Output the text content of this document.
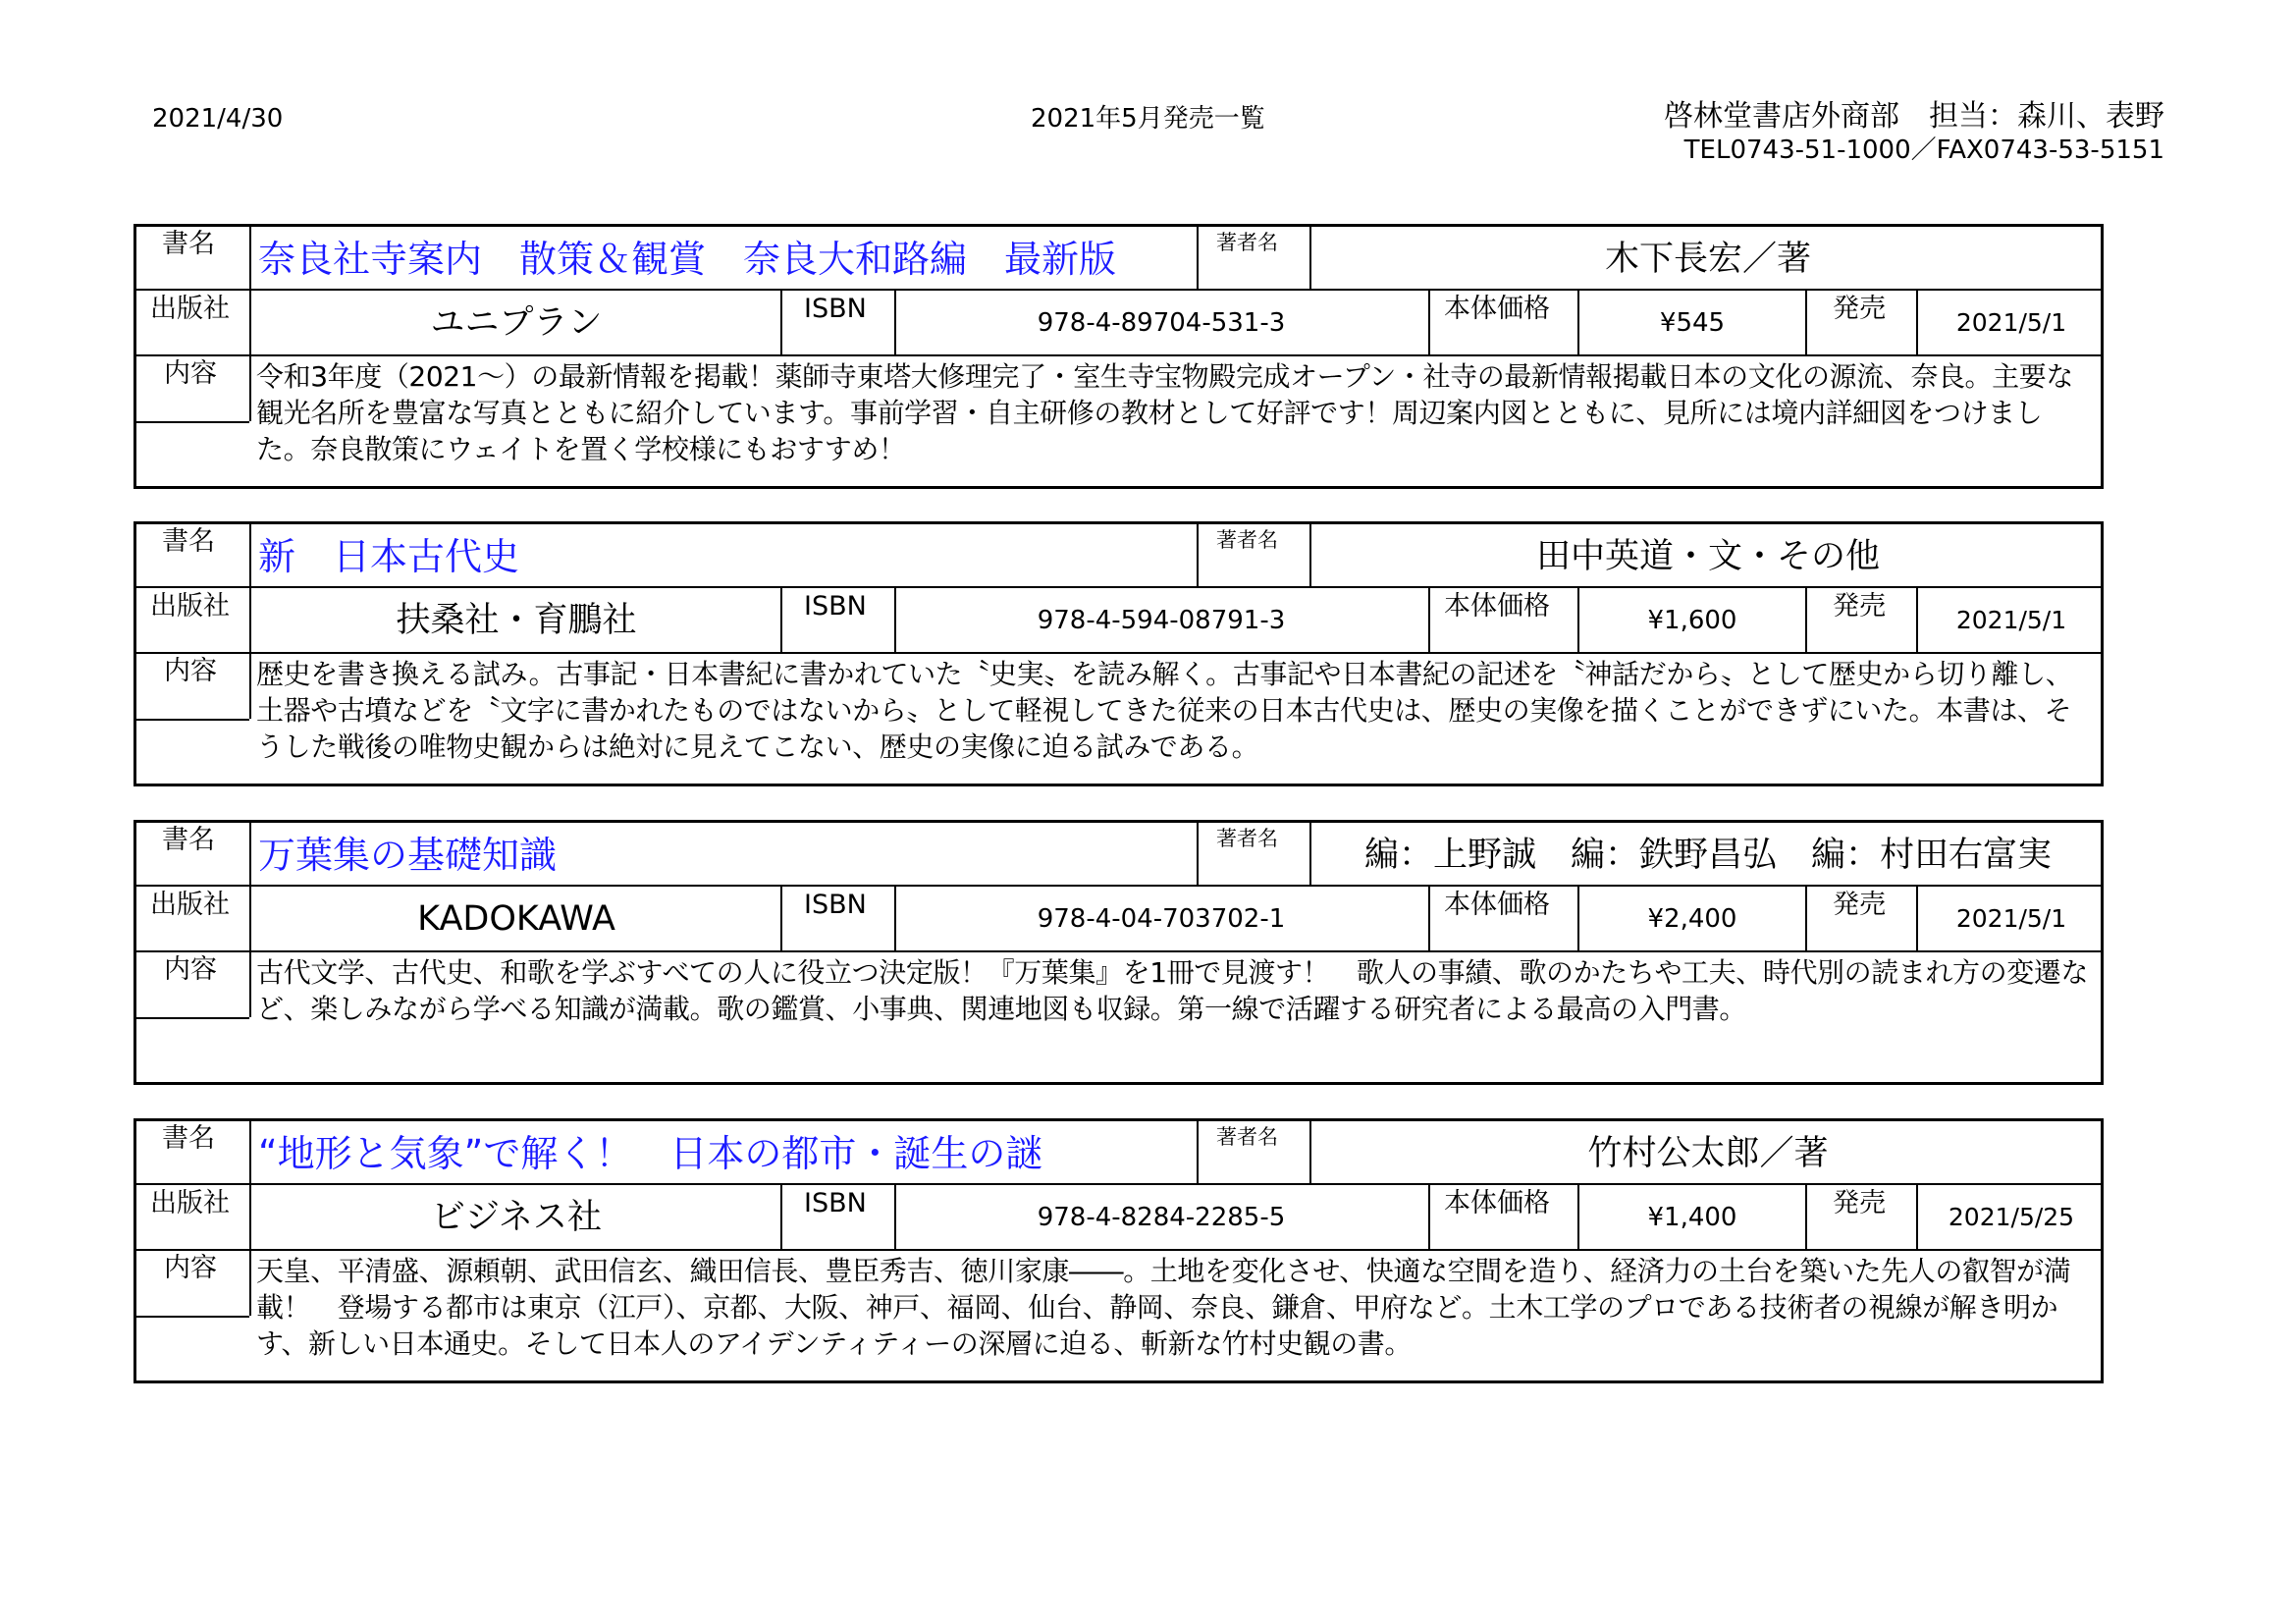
2021/4/30	2021年5月発売一覧	啓林堂書店外商部　担当：森川、表野
TEL0743-51-1000／FAX0743-53-5151
書名 奈良社寺案内　散策＆観賞　奈良大和路編　最新版	著者名	木下長宏／著
出版社	ユニプラン	ISBN	978-4-89704-531-3	本体価格	¥545	発売	2021/5/1
内容 令和3年度（2021～）の最新情報を掲載！薬師寺東塔大修理完了・室生寺宝物殿完成オープン・社寺の最新情報掲載日本の文化の源流、奈良。主要な観光名所を豊富な写真とともに紹介しています。事前学習・自主研修の教材として好評です！周辺案内図とともに、見所には境内詳細図をつけました。奈良散策にウェイトを置く学校様にもおすすめ！
書名 新　日本古代史	著者名	田中英道・文・その他
出版社	扶桑社・育鵬社	ISBN	978-4-594-08791-3	本体価格	¥1,600	発売	2021/5/1
内容 歴史を書き換える試み。古事記・日本書紀に書かれていた〝史実〟を読み解く。古事記や日本書紀の記述を〝神話だから〟として歴史から切り離し、土器や古墳などを〝文字に書かれたものではないから〟として軽視してきた従来の日本古代史は、歴史の実像を描くことができずにいた。本書は、そうした戦後の唯物史観からは絶対に見えてこない、歴史の実像に迫る試みである。
書名 万葉集の基礎知識	著者名	編：上野誠　編：鉄野昌弘　編：村田右富実
出版社	KADOKAWA	ISBN	978-4-04-703702-1	本体価格	¥2,400	発売	2021/5/1
内容 古代文学、古代史、和歌を学ぶすべての人に役立つ決定版！『万葉集』を1冊で見渡す！　歌人の事績、歌のかたちや工夫、時代別の読まれ方の変遷など、楽しみながら学べる知識が満載。歌の鑑賞、小事典、関連地図も収録。第一線で活躍する研究者による最高の入門書。
書名 “地形と気象”で解く！　日本の都市・誕生の謎	著者名	竹村公太郎／著
出版社	ビジネス社	ISBN	978-4-8284-2285-5	本体価格	¥1,400	発売	2021/5/25
内容 天皇、平清盛、源頼朝、武田信玄、織田信長、豊臣秀吉、徳川家康――。土地を変化させ、快適な空間を造り、経済力の土台を築いた先人の叡智が満載！　登場する都市は東京（江戸）、京都、大阪、神戸、福岡、仙台、静岡、奈良、鎌倉、甲府など。土木工学のプロである技術者の視線が解き明かす、新しい日本通史。そして日本人のアイデンティティーの深層に迫る、斬新な竹村史観の書。
